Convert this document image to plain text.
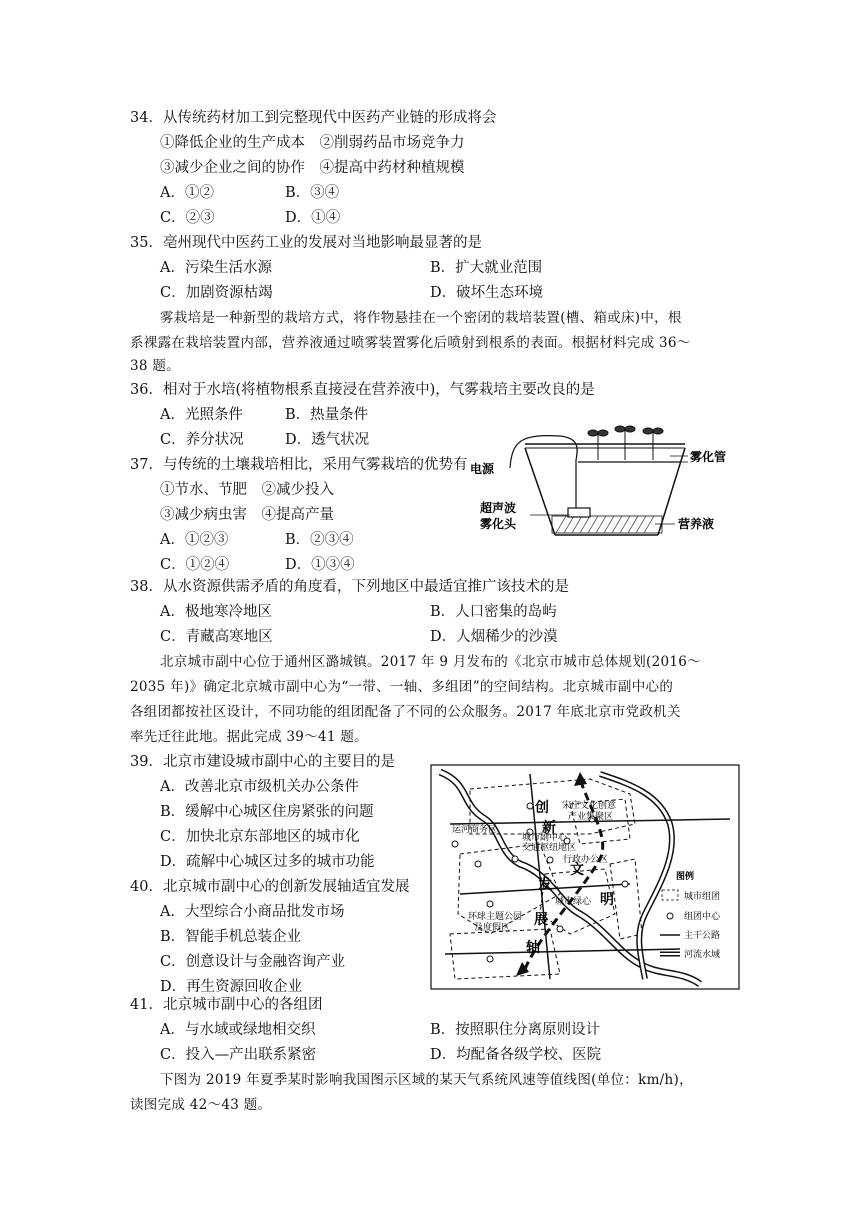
34．从传统药材加工到完整现代中医药产业链的形成将会
①降低企业的生产成本　②削弱药品市场竞争力
③减少企业之间的协作　④提高中药材种植规模
A．①②	B．③④
C．②③	D．①④
35．亳州现代中医药工业的发展对当地影响最显著的是
A．污染生活水源	B．扩大就业范围
C．加剧资源枯竭	D．破坏生态环境
雾栽培是一种新型的栽培方式，将作物悬挂在一个密闭的栽培装置(槽、箱或床)中，根
系裸露在栽培装置内部，营养液通过喷雾装置雾化后喷射到根系的表面。根据材料完成 36～
38 题。
36．相对于水培(将植物根系直接浸在营养液中)，气雾栽培主要改良的是
A．光照条件	B．热量条件
C．养分状况	D．透气状况
37．与传统的土壤栽培相比，采用气雾栽培的优势有
①节水、节肥　②减少投入
③减少病虫害　④提高产量
A．①②③	B．②③④
C．①②④	D．①③④
电源
雾化管
超声波
雾化头	营养液
38．从水资源供需矛盾的角度看，下列地区中最适宜推广该技术的是
A．极地寒冷地区	B．人口密集的岛屿
C．青藏高寒地区	D．人烟稀少的沙漠
北京城市副中心位于通州区潞城镇。2017 年 9 月发布的《北京市城市总体规划(2016～
2035 年)》确定北京城市副中心为“一带、一轴、多组团”的空间结构。北京城市副中心的
各组团都按社区设计，不同功能的组团配备了不同的公众服务。2017 年底北京市党政机关
率先迁往此地。据此完成 39～41 题。
39．北京市建设城市副中心的主要目的是
A．改善北京市级机关办公条件
B．缓解中心城区住房紧张的问题
C．加快北京东部地区的城市化
D．疏解中心城区过多的城市功能
40．北京城市副中心的创新发展轴适宜发展
A．大型综合小商品批发市场
B．智能手机总装企业
C．创意设计与金融咨询产业
D．再生资源回收企业
创
新
发
展
轴
明
文
宋庄文化创意
产业集聚区
运河商务区
城市副中心
交通枢纽地区
行政办公区
城市绿心
环球主题公园
及度假区
图例
城市组团
组团中心
主干公路
河流水域
41．北京城市副中心的各组团
A．与水域或绿地相交织	B．按照职住分离原则设计
C．投入—产出联系紧密	D．均配备各级学校、医院
下图为 2019 年夏季某时影响我国图示区域的某天气系统风速等值线图(单位：km/h)，
读图完成 42～43 题。
